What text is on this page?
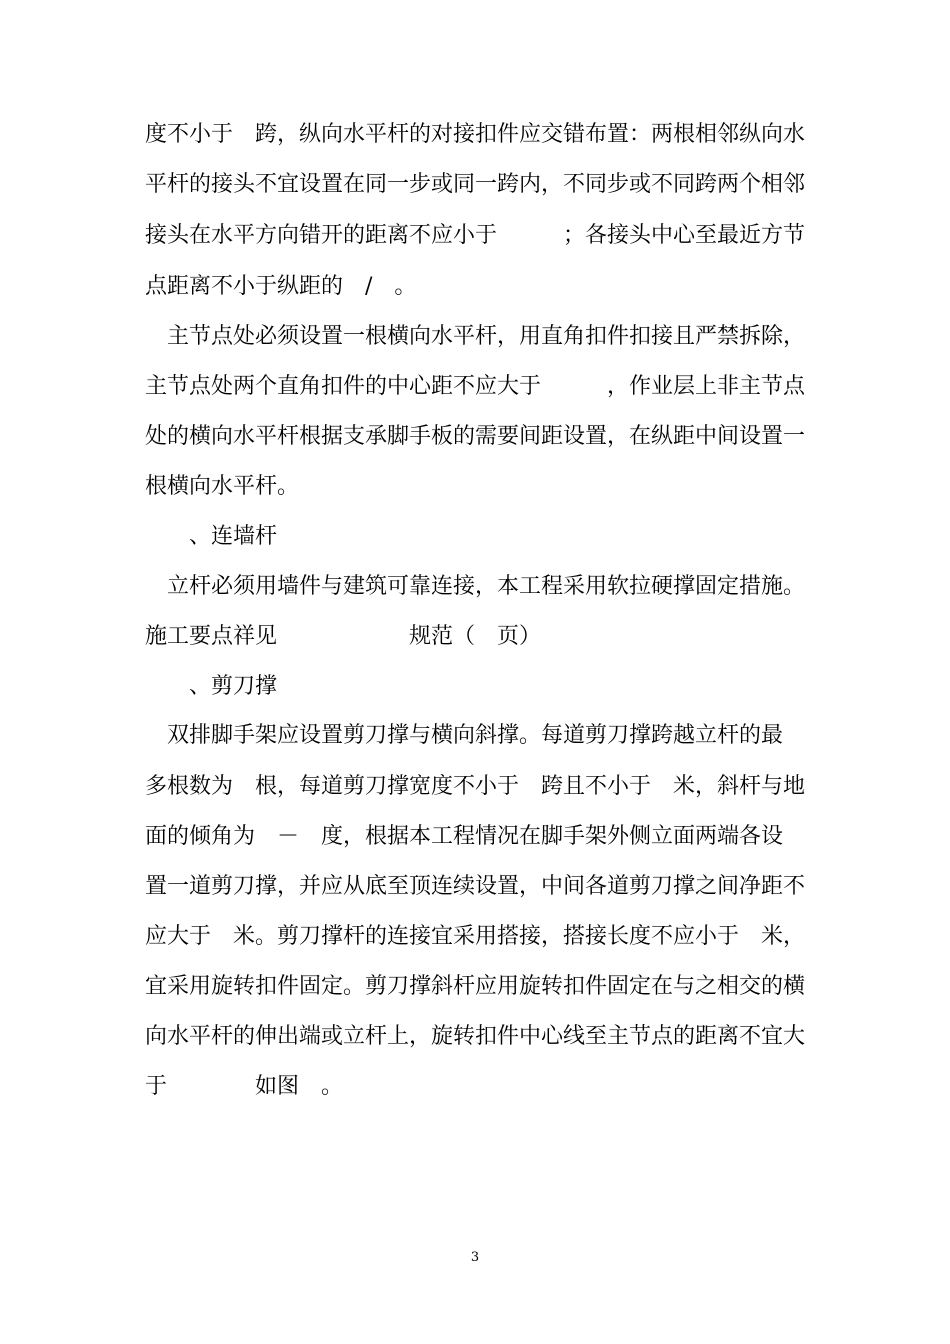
度不小于　跨，纵向水平杆的对接扣件应交错布置：两根相邻纵向水
平杆的接头不宜设置在同一步或同一跨内，不同步或不同跨两个相邻
接头在水平方向错开的距离不应小于　　　；各接头中心至最近方节
点距离不小于纵距的　/　。
　主节点处必须设置一根横向水平杆，用直角扣件扣接且严禁拆除，
主节点处两个直角扣件的中心距不应大于　　　，作业层上非主节点
处的横向水平杆根据支承脚手板的需要间距设置，在纵距中间设置一
根横向水平杆。
　　、连墙杆
　立杆必须用墙件与建筑可靠连接，本工程采用软拉硬撑固定措施。
施工要点祥见　　　　　　规范（　页）
　　、剪刀撑
　双排脚手架应设置剪刀撑与横向斜撑。每道剪刀撑跨越立杆的最
多根数为　根，每道剪刀撑宽度不小于　跨且不小于　米，斜杆与地
面的倾角为　－　度，根据本工程情况在脚手架外侧立面两端各设
置一道剪刀撑，并应从底至顶连续设置，中间各道剪刀撑之间净距不
应大于　米。剪刀撑杆的连接宜采用搭接，搭接长度不应小于　米，
宜采用旋转扣件固定。剪刀撑斜杆应用旋转扣件固定在与之相交的横
向水平杆的伸出端或立杆上，旋转扣件中心线至主节点的距离不宜大
于　　　　如图　。
3
